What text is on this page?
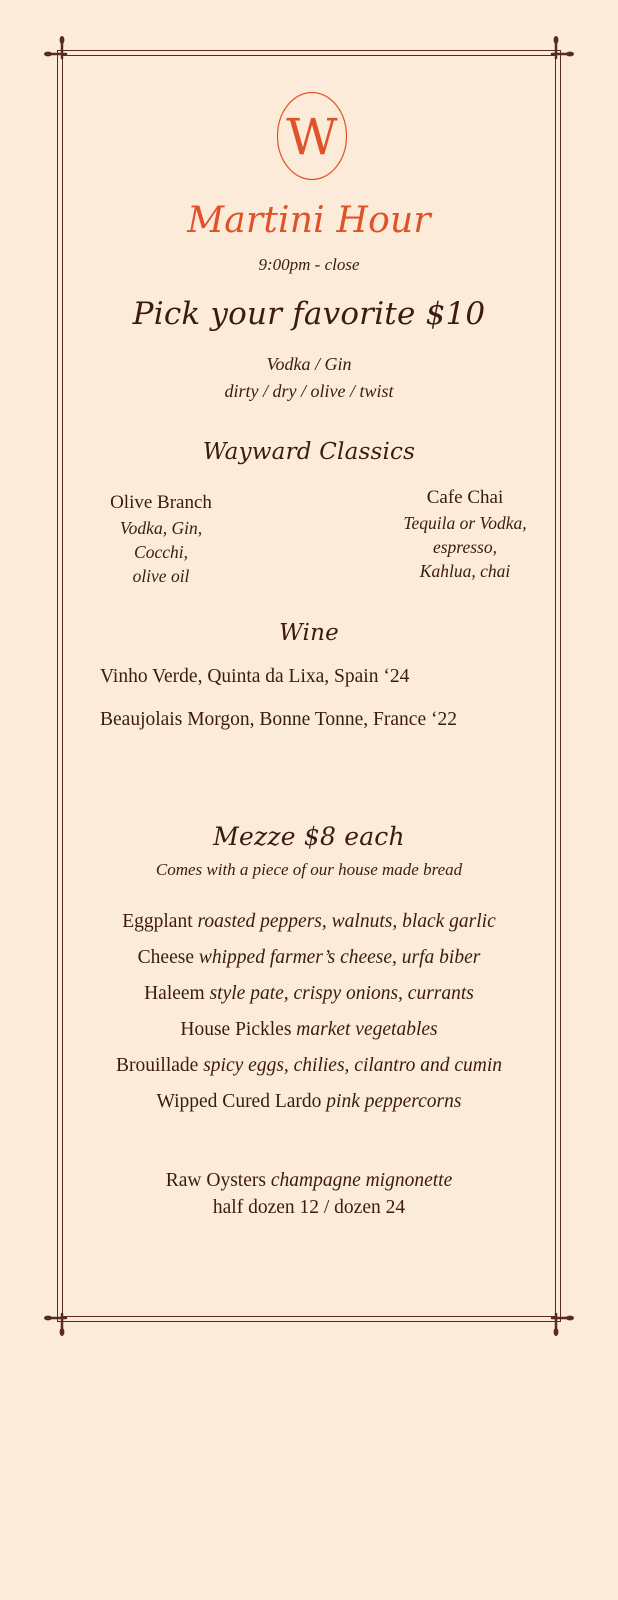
W
Martini Hour
9:00pm - close
Pick your favorite $10
Vodka / Gin
dirty / dry / olive / twist
Wayward Classics
Olive Branch
Vodka, Gin,
Cocchi,
olive oil
Cafe Chai
Tequila or Vodka,
espresso,
Kahlua, chai
Wine
Vinho Verde, Quinta da Lixa, Spain ‘24
Beaujolais Morgon, Bonne Tonne, France ‘22
Mezze $8 each
Comes with a piece of our house made bread
Eggplant roasted peppers, walnuts, black garlic
Cheese whipped farmer’s cheese, urfa biber
Haleem style pate, crispy onions, currants
House Pickles market vegetables
Brouillade spicy eggs, chilies, cilantro and cumin
Wipped Cured Lardo pink peppercorns
Raw Oysters champagne mignonette
half dozen 12 / dozen 24
